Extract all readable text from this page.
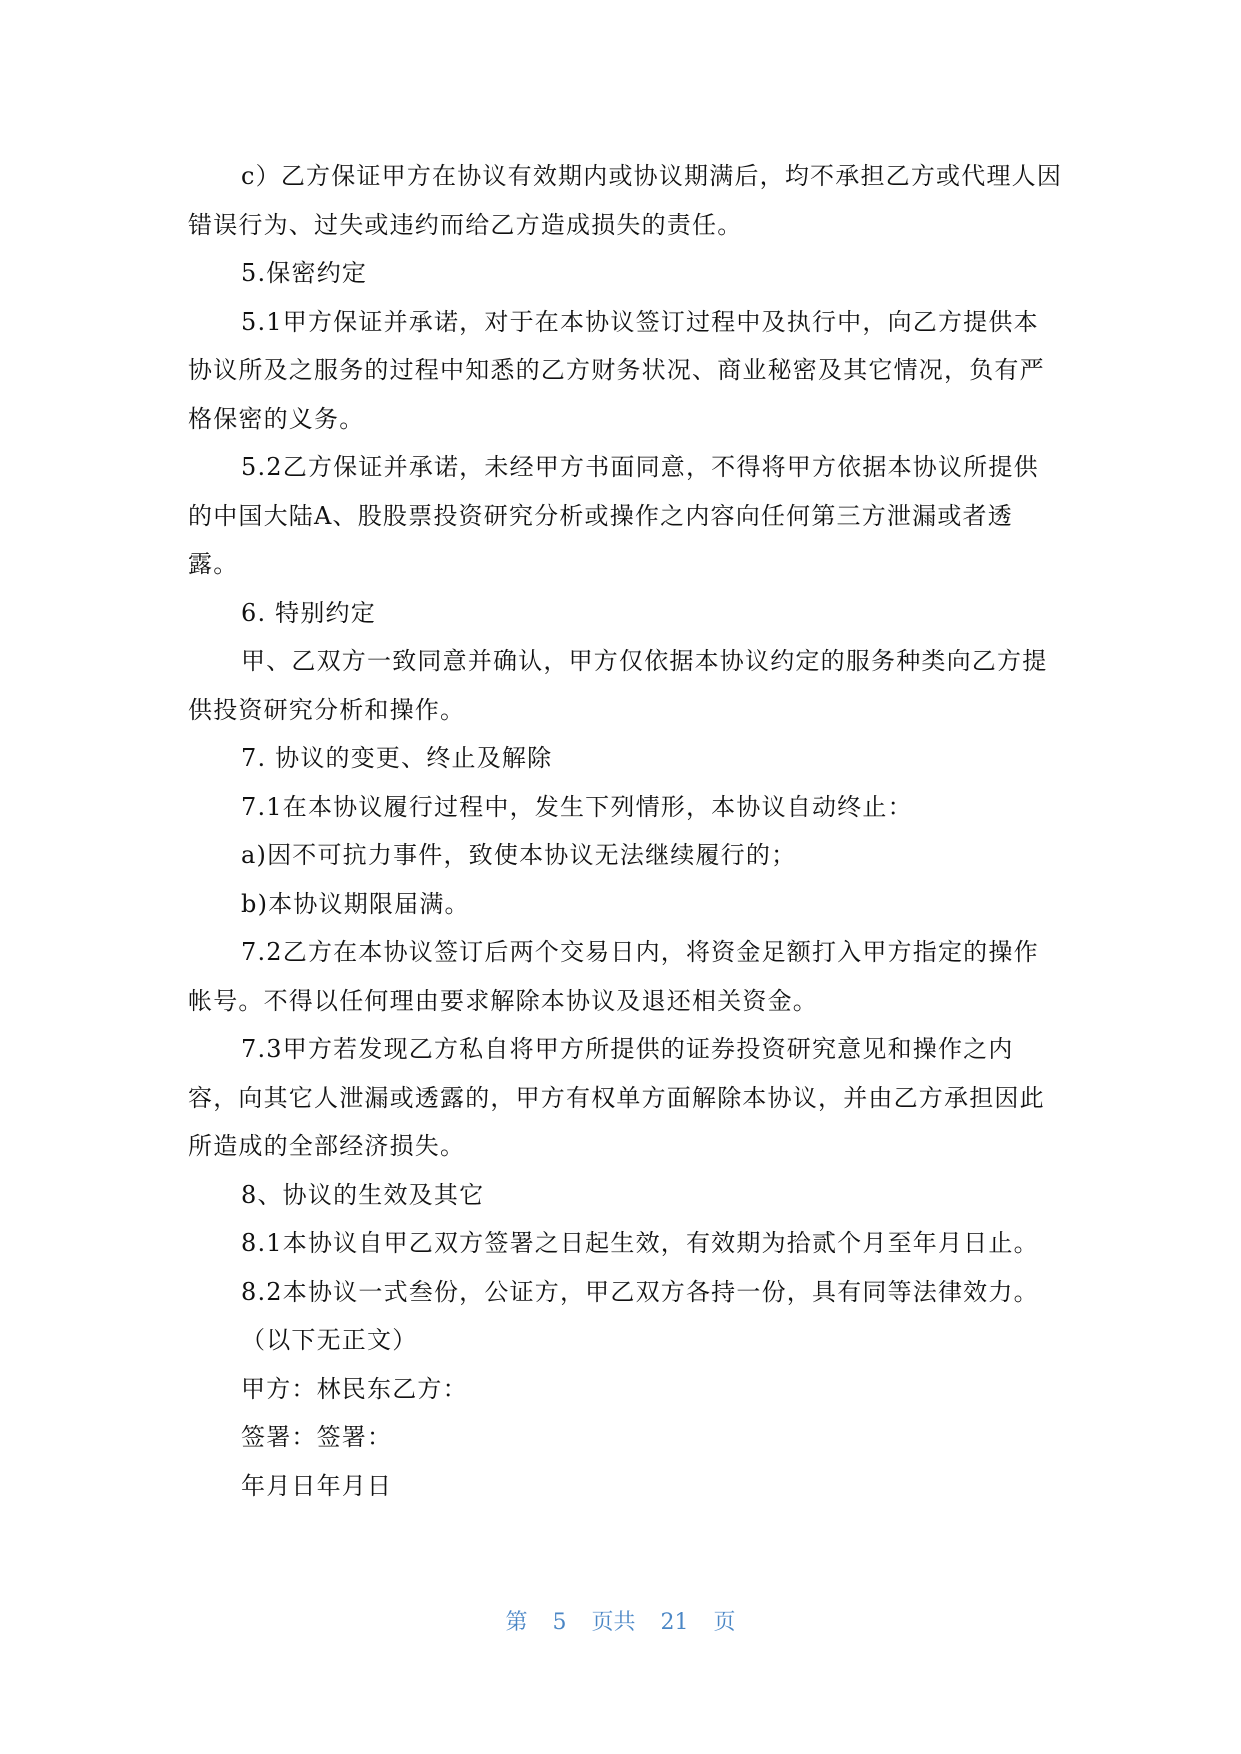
c）乙方保证甲方在协议有效期内或协议期满后，均不承担乙方或代理人因
错误行为、过失或违约而给乙方造成损失的责任。
5.保密约定
5.1甲方保证并承诺，对于在本协议签订过程中及执行中，向乙方提供本
协议所及之服务的过程中知悉的乙方财务状况、商业秘密及其它情况，负有严
格保密的义务。
5.2乙方保证并承诺，未经甲方书面同意，不得将甲方依据本协议所提供
的中国大陆A、股股票投资研究分析或操作之内容向任何第三方泄漏或者透
露。
6. 特别约定
甲、乙双方一致同意并确认，甲方仅依据本协议约定的服务种类向乙方提
供投资研究分析和操作。
7. 协议的变更、终止及解除
7.1在本协议履行过程中，发生下列情形，本协议自动终止：
a)因不可抗力事件，致使本协议无法继续履行的；
b)本协议期限届满。
7.2乙方在本协议签订后两个交易日内，将资金足额打入甲方指定的操作
帐号。不得以任何理由要求解除本协议及退还相关资金。
7.3甲方若发现乙方私自将甲方所提供的证券投资研究意见和操作之内
容，向其它人泄漏或透露的，甲方有权单方面解除本协议，并由乙方承担因此
所造成的全部经济损失。
8、协议的生效及其它
8.1本协议自甲乙双方签署之日起生效，有效期为拾贰个月至年月日止。
8.2本协议一式叁份，公证方，甲乙双方各持一份，具有同等法律效力。
（以下无正文）
甲方：林民东乙方：
签署：签署：
年月日年月日
第 5 页共 21 页
